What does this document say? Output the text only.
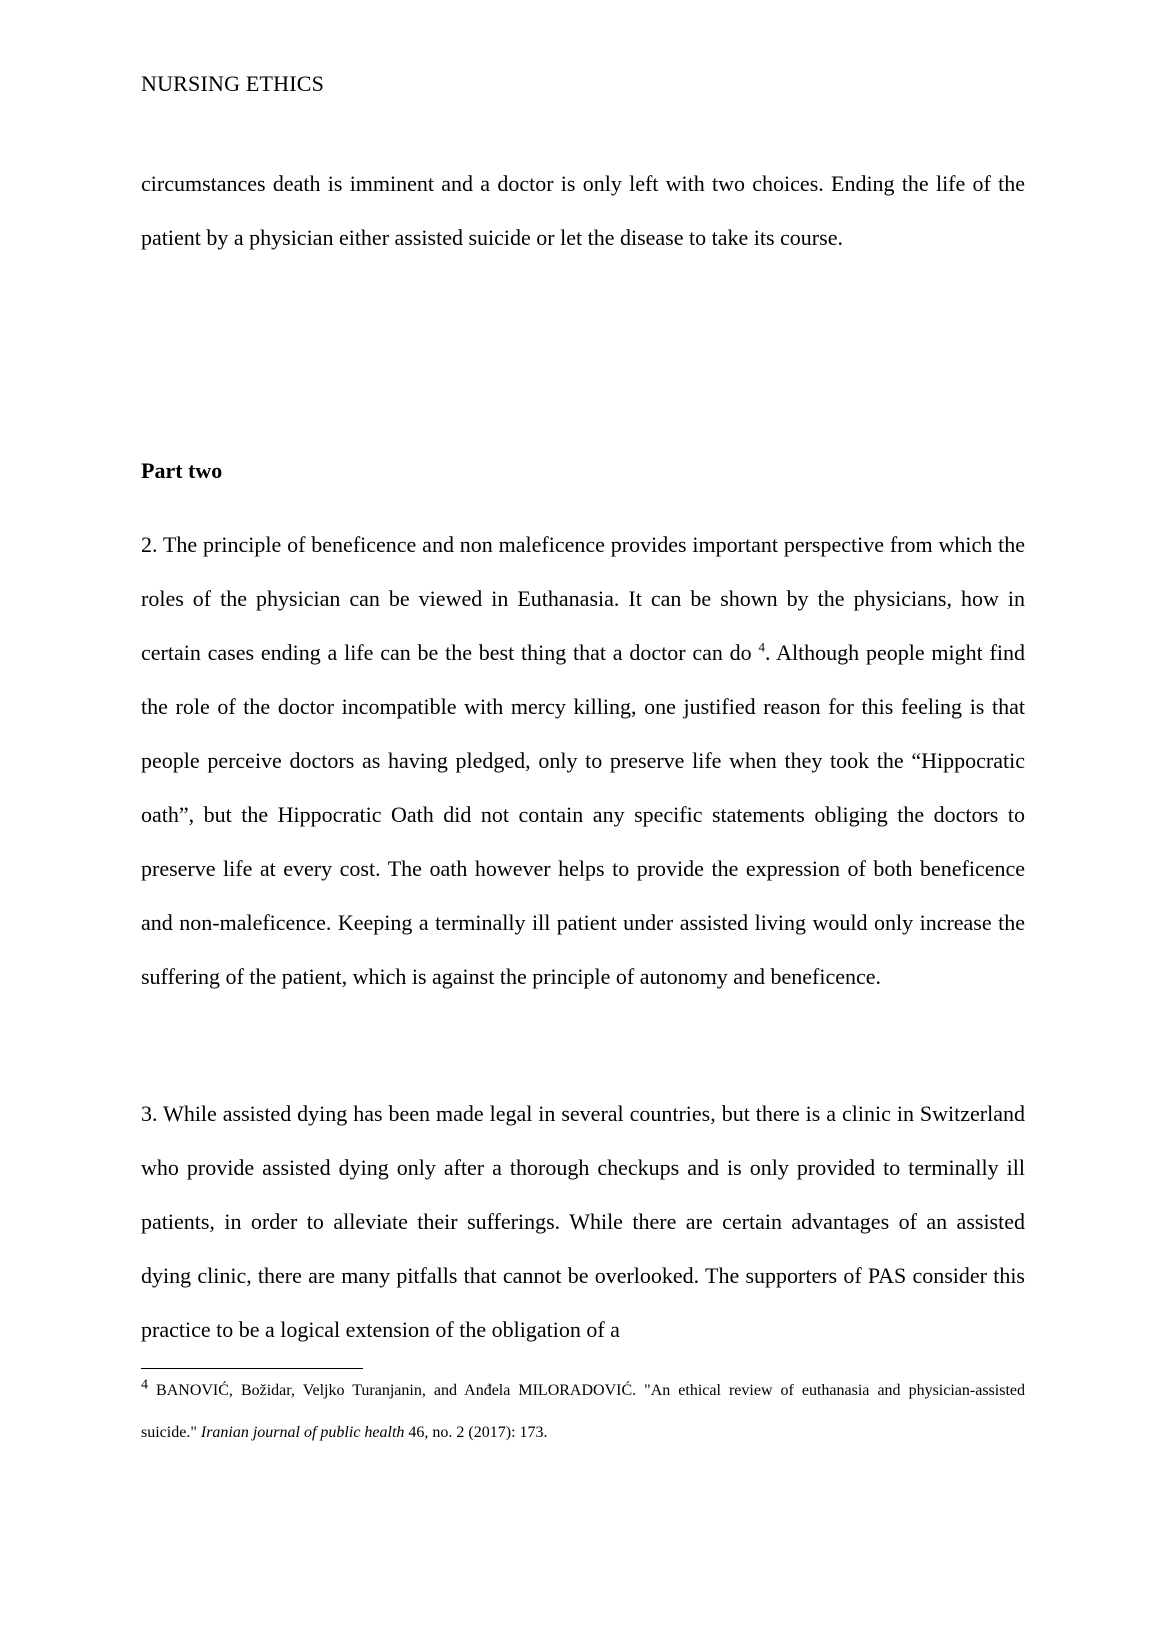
NURSING ETHICS

circumstances death is imminent and a doctor is only left with two choices. Ending the life of the patient by a physician either assisted suicide or let the disease to take its course.

Part two

2. The principle of beneficence and non maleficence provides important perspective from which the roles of the physician can be viewed in Euthanasia. It can be shown by the physicians, how in certain cases ending a life can be the best thing that a doctor can do $^4$. Although people might find the role of the doctor incompatible with mercy killing, one justified reason for this feeling is that people perceive doctors as having pledged, only to preserve life when they took the “Hippocratic oath”, but the Hippocratic Oath did not contain any specific statements obliging the doctors to preserve life at every cost. The oath however helps to provide the expression of both beneficence and non-maleficence. Keeping a terminally ill patient under assisted living would only increase the suffering of the patient, which is against the principle of autonomy and beneficence.

3. While assisted dying has been made legal in several countries, but there is a clinic in Switzerland who provide assisted dying only after a thorough checkups and is only provided to terminally ill patients, in order to alleviate their sufferings. While there are certain advantages of an assisted dying clinic, there are many pitfalls that cannot be overlooked. The supporters of PAS consider this practice to be a logical extension of the obligation of a

4 BANOVIĆ, Božidar, Veljko Turanjanin, and Anđela MILORADOVIĆ. "An ethical review of euthanasia and physician-assisted suicide." Iranian journal of public health 46, no. 2 (2017): 173.
